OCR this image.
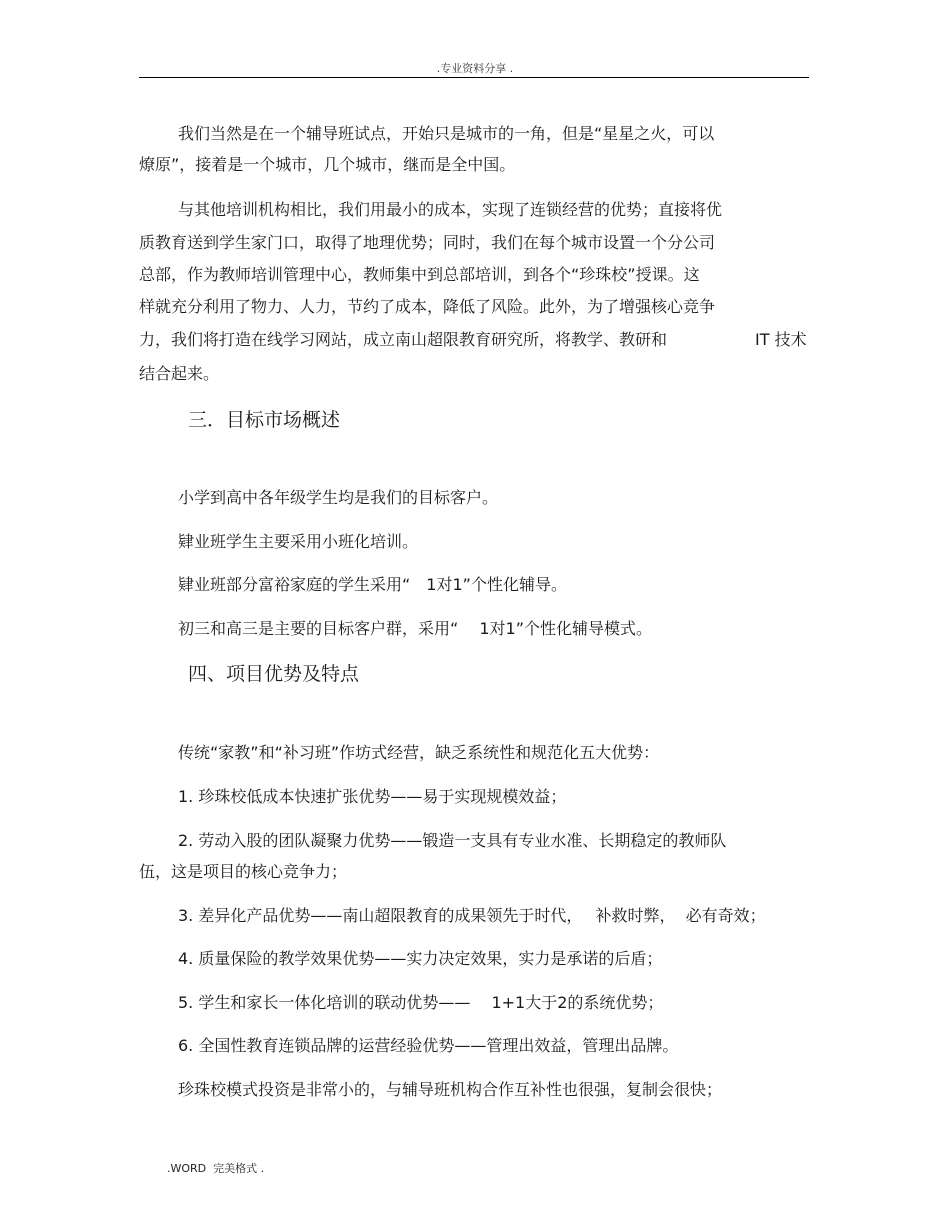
.专业资料分享 .
我们当然是在一个辅导班试点，开始只是城市的一角，但是“星星之火，可以
燎原”，接着是一个城市，几个城市，继而是全中国。
与其他培训机构相比，我们用最小的成本，实现了连锁经营的优势；直接将优
质教育送到学生家门口，取得了地理优势；同时，我们在每个城市设置一个分公司
总部，作为教师培训管理中心，教师集中到总部培训，到各个“珍珠校”授课。这
样就充分利用了物力、人力，节约了成本，降低了风险。此外，为了增强核心竞争
力，我们将打造在线学习网站，成立南山超限教育研究所，将教学、教研和	IT 技术
结合起来。
三．目标市场概述
小学到高中各年级学生均是我们的目标客户。
肄业班学生主要采用小班化培训。
肄业班部分富裕家庭的学生采用“　1对1”个性化辅导。
初三和高三是主要的目标客户群，采用“　 1对1”个性化辅导模式。
四、项目优势及特点
传统“家教”和“补习班”作坊式经营，缺乏系统性和规范化五大优势：
1. 珍珠校低成本快速扩张优势——易于实现规模效益；
2. 劳动入股的团队凝聚力优势——锻造一支具有专业水准、长期稳定的教师队
伍，这是项目的核心竞争力；
3. 差异化产品优势——南山超限教育的成果领先于时代，　 补救时弊，  必有奇效；
4. 质量保险的教学效果优势——实力决定效果，实力是承诺的后盾；
5. 学生和家长一体化培训的联动优势——　 1+1大于2的系统优势；
6. 全国性教育连锁品牌的运营经验优势——管理出效益，管理出品牌。
珍珠校模式投资是非常小的，与辅导班机构合作互补性也很强，复制会很快；
.WORD  完美格式 .
